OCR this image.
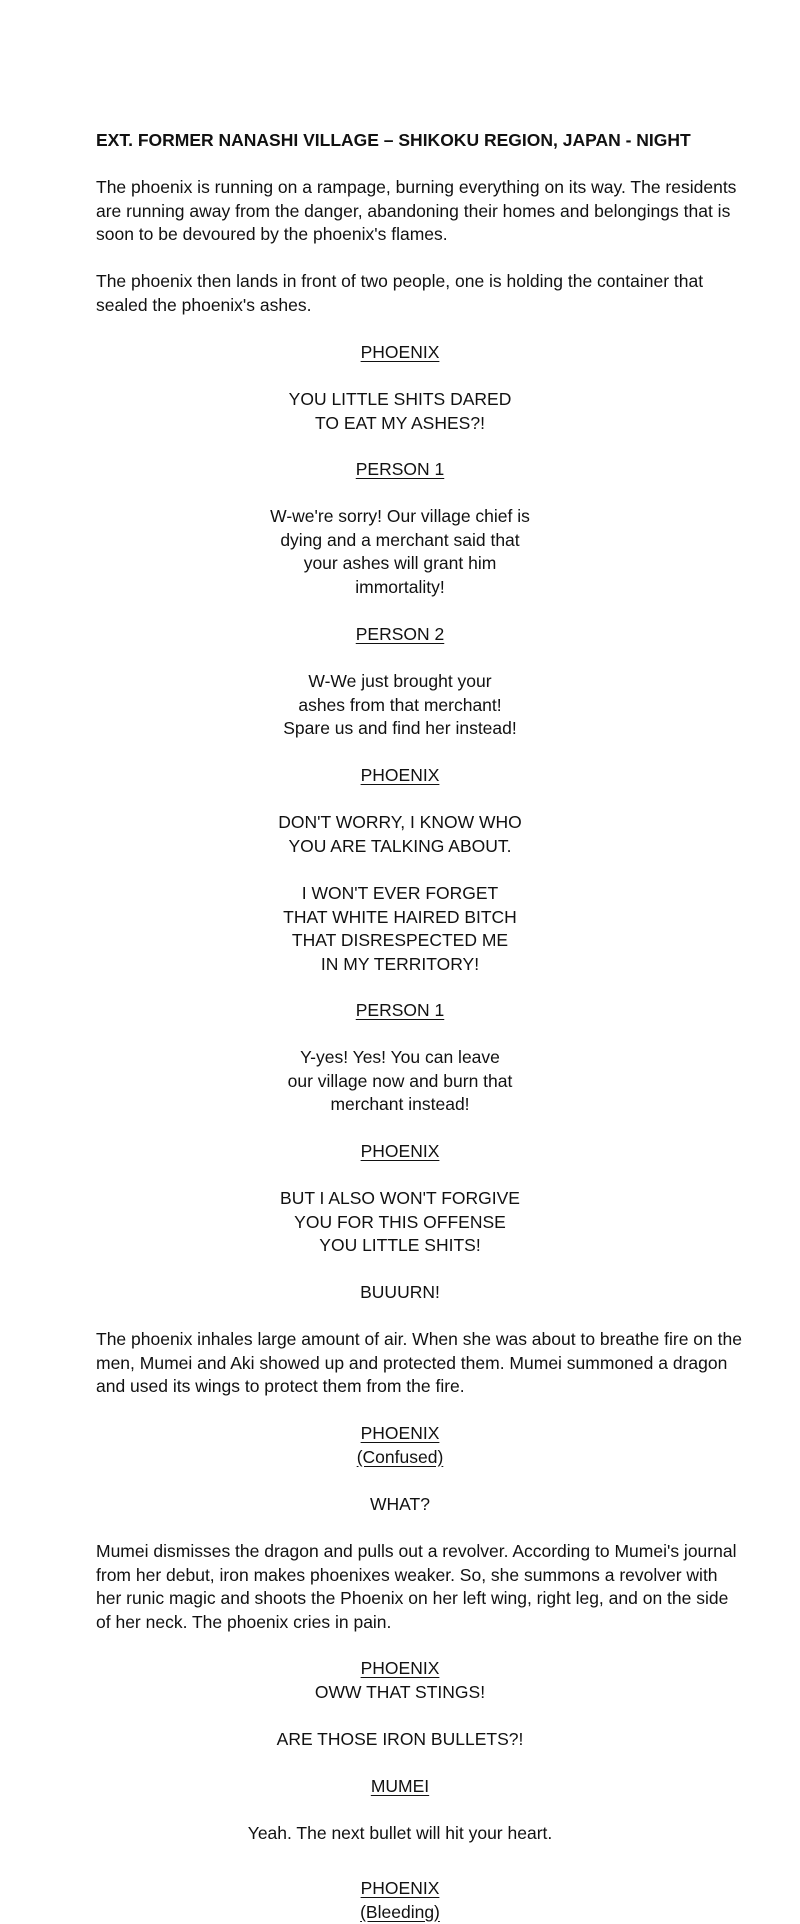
EXT. FORMER NANASHI VILLAGE – SHIKOKU REGION, JAPAN - NIGHT
The phoenix is running on a rampage, burning everything on its way. The residents
are running away from the danger, abandoning their homes and belongings that is
soon to be devoured by the phoenix's flames.
The phoenix then lands in front of two people, one is holding the container that
sealed the phoenix's ashes.
PHOENIX
YOU LITTLE SHITS DARED
TO EAT MY ASHES?!
PERSON 1
W-we're sorry! Our village chief is
dying and a merchant said that
your ashes will grant him
immortality!
PERSON 2
W-We just brought your
ashes from that merchant!
Spare us and find her instead!
PHOENIX
DON'T WORRY, I KNOW WHO
YOU ARE TALKING ABOUT.
I WON'T EVER FORGET
THAT WHITE HAIRED BITCH
THAT DISRESPECTED ME
IN MY TERRITORY!
PERSON 1
Y-yes! Yes! You can leave
our village now and burn that
merchant instead!
PHOENIX
BUT I ALSO WON'T FORGIVE
YOU FOR THIS OFFENSE
YOU LITTLE SHITS!
BUUURN!
The phoenix inhales large amount of air. When she was about to breathe fire on the
men, Mumei and Aki showed up and protected them. Mumei summoned a dragon
and used its wings to protect them from the fire.
PHOENIX
(Confused)
WHAT?
Mumei dismisses the dragon and pulls out a revolver. According to Mumei's journal
from her debut, iron makes phoenixes weaker. So, she summons a revolver with
her runic magic and shoots the Phoenix on her left wing, right leg, and on the side
of her neck. The phoenix cries in pain.
PHOENIX
OWW THAT STINGS!
ARE THOSE IRON BULLETS?!
MUMEI
Yeah. The next bullet will hit your heart.
PHOENIX
(Bleeding)
